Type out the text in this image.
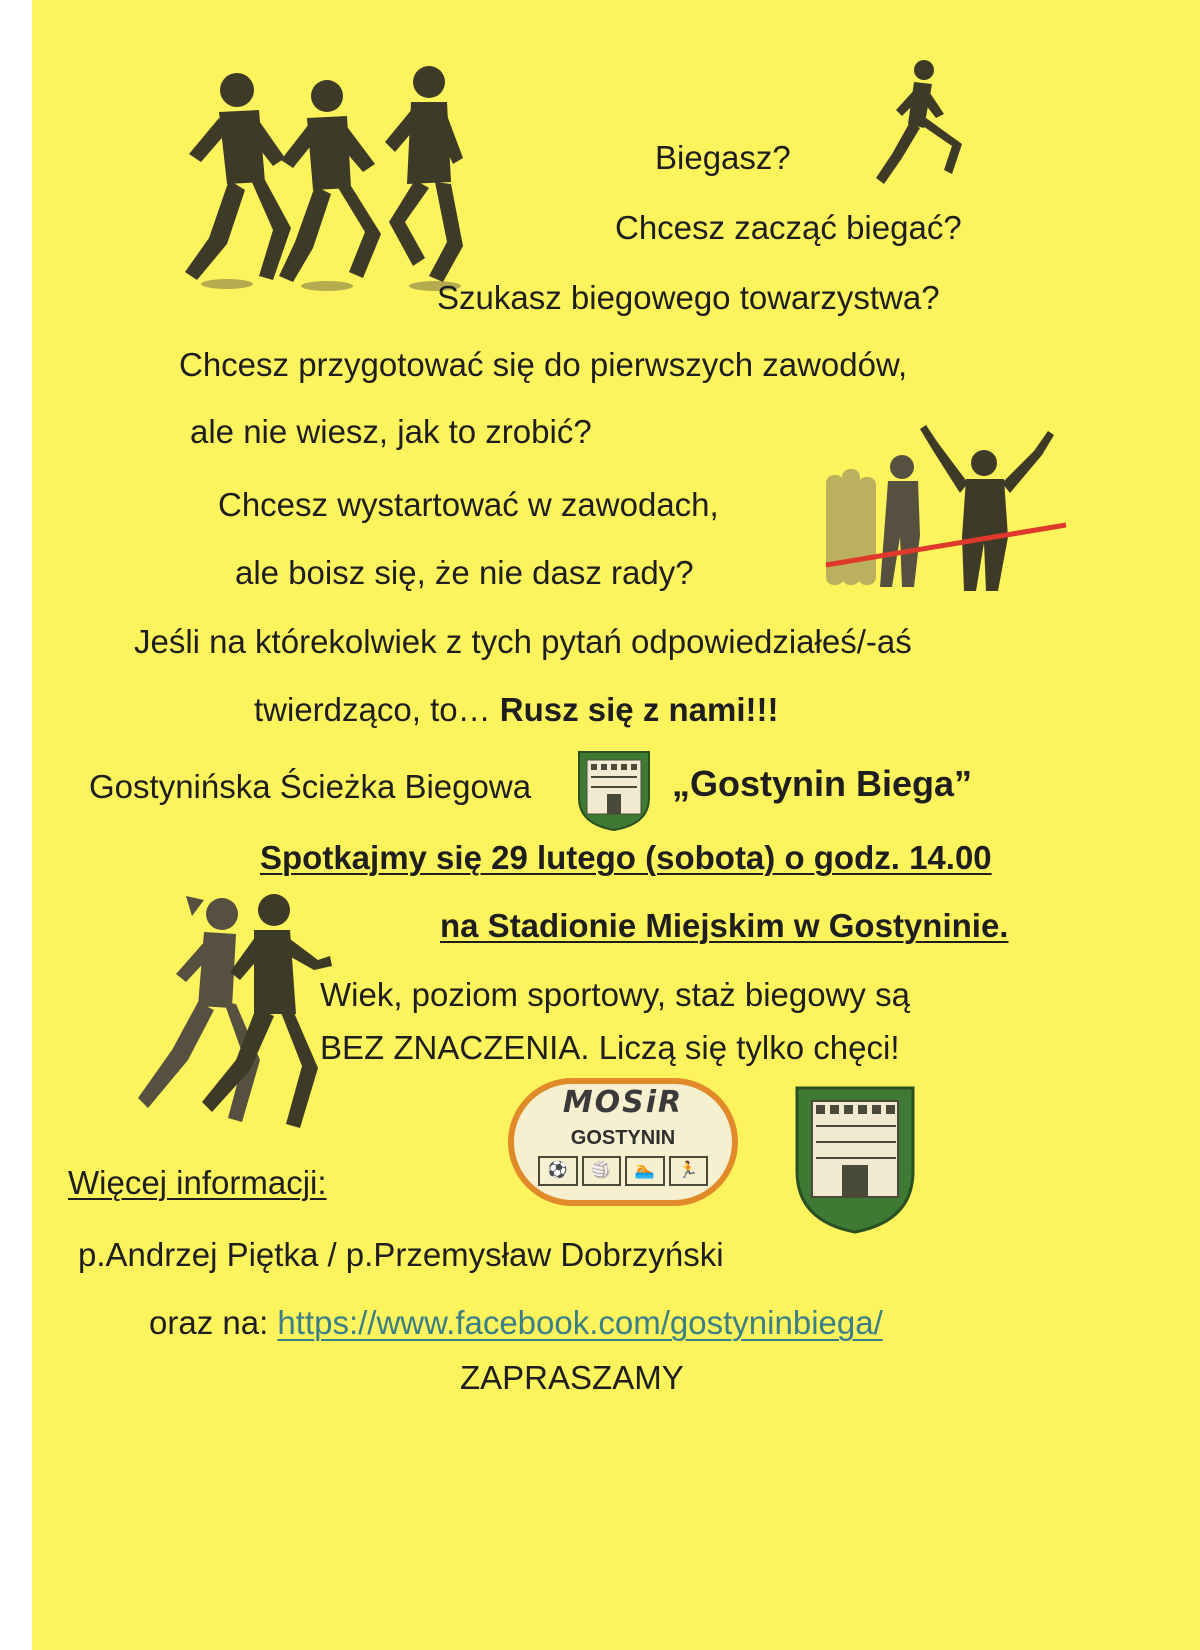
MOSiR
GOSTYNIN
⚽	🏐	🏊	🏃

Biegasz?

Chcesz zacząć biegać?

Szukasz biegowego towarzystwa?

Chcesz przygotować się do pierwszych zawodów,

ale nie wiesz, jak to zrobić?

Chcesz wystartować w zawodach,

ale boisz się, że nie dasz rady?

Jeśli na którekolwiek z tych pytań odpowiedziałeś/-aś

twierdząco, to… Rusz się z nami!!!

Gostynińska Ścieżka Biegowa	„Gostynin Biega”

Spotkajmy się 29 lutego (sobota) o godz. 14.00

na Stadionie Miejskim w Gostyninie.

Wiek, poziom sportowy, staż biegowy są

BEZ ZNACZENIA. Liczą się tylko chęci!

Więcej informacji:

p.Andrzej Piętka / p.Przemysław Dobrzyński

oraz na: https://www.facebook.com/gostyninbiega/

ZAPRASZAMY
